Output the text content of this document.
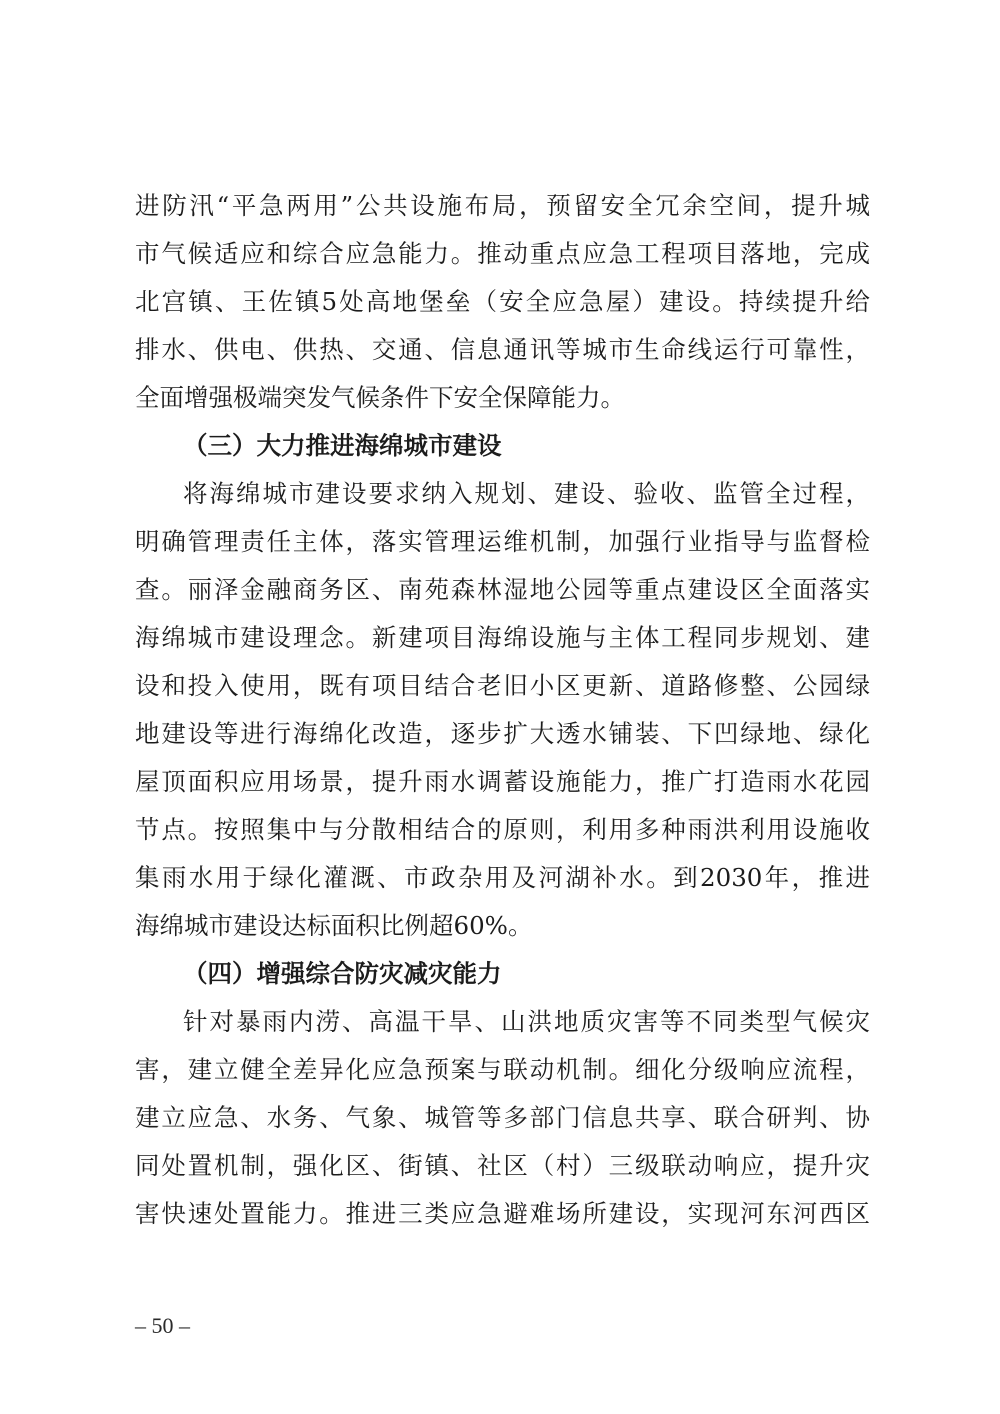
进防汛“平急两用”公共设施布局，预留安全冗余空间，提升城
市气候适应和综合应急能力。推动重点应急工程项目落地，完成
北宫镇、王佐镇5处高地堡垒（安全应急屋）建设。持续提升给
排水、供电、供热、交通、信息通讯等城市生命线运行可靠性，
全面增强极端突发气候条件下安全保障能力。
（三）大力推进海绵城市建设
将海绵城市建设要求纳入规划、建设、验收、监管全过程，
明确管理责任主体，落实管理运维机制，加强行业指导与监督检
查。丽泽金融商务区、南苑森林湿地公园等重点建设区全面落实
海绵城市建设理念。新建项目海绵设施与主体工程同步规划、建
设和投入使用，既有项目结合老旧小区更新、道路修整、公园绿
地建设等进行海绵化改造，逐步扩大透水铺装、下凹绿地、绿化
屋顶面积应用场景，提升雨水调蓄设施能力，推广打造雨水花园
节点。按照集中与分散相结合的原则，利用多种雨洪利用设施收
集雨水用于绿化灌溉、市政杂用及河湖补水。到2030年，推进
海绵城市建设达标面积比例超60%。
（四）增强综合防灾减灾能力
针对暴雨内涝、高温干旱、山洪地质灾害等不同类型气候灾
害，建立健全差异化应急预案与联动机制。细化分级响应流程，
建立应急、水务、气象、城管等多部门信息共享、联合研判、协
同处置机制，强化区、街镇、社区（村）三级联动响应，提升灾
害快速处置能力。推进三类应急避难场所建设，实现河东河西区
– 50 –
